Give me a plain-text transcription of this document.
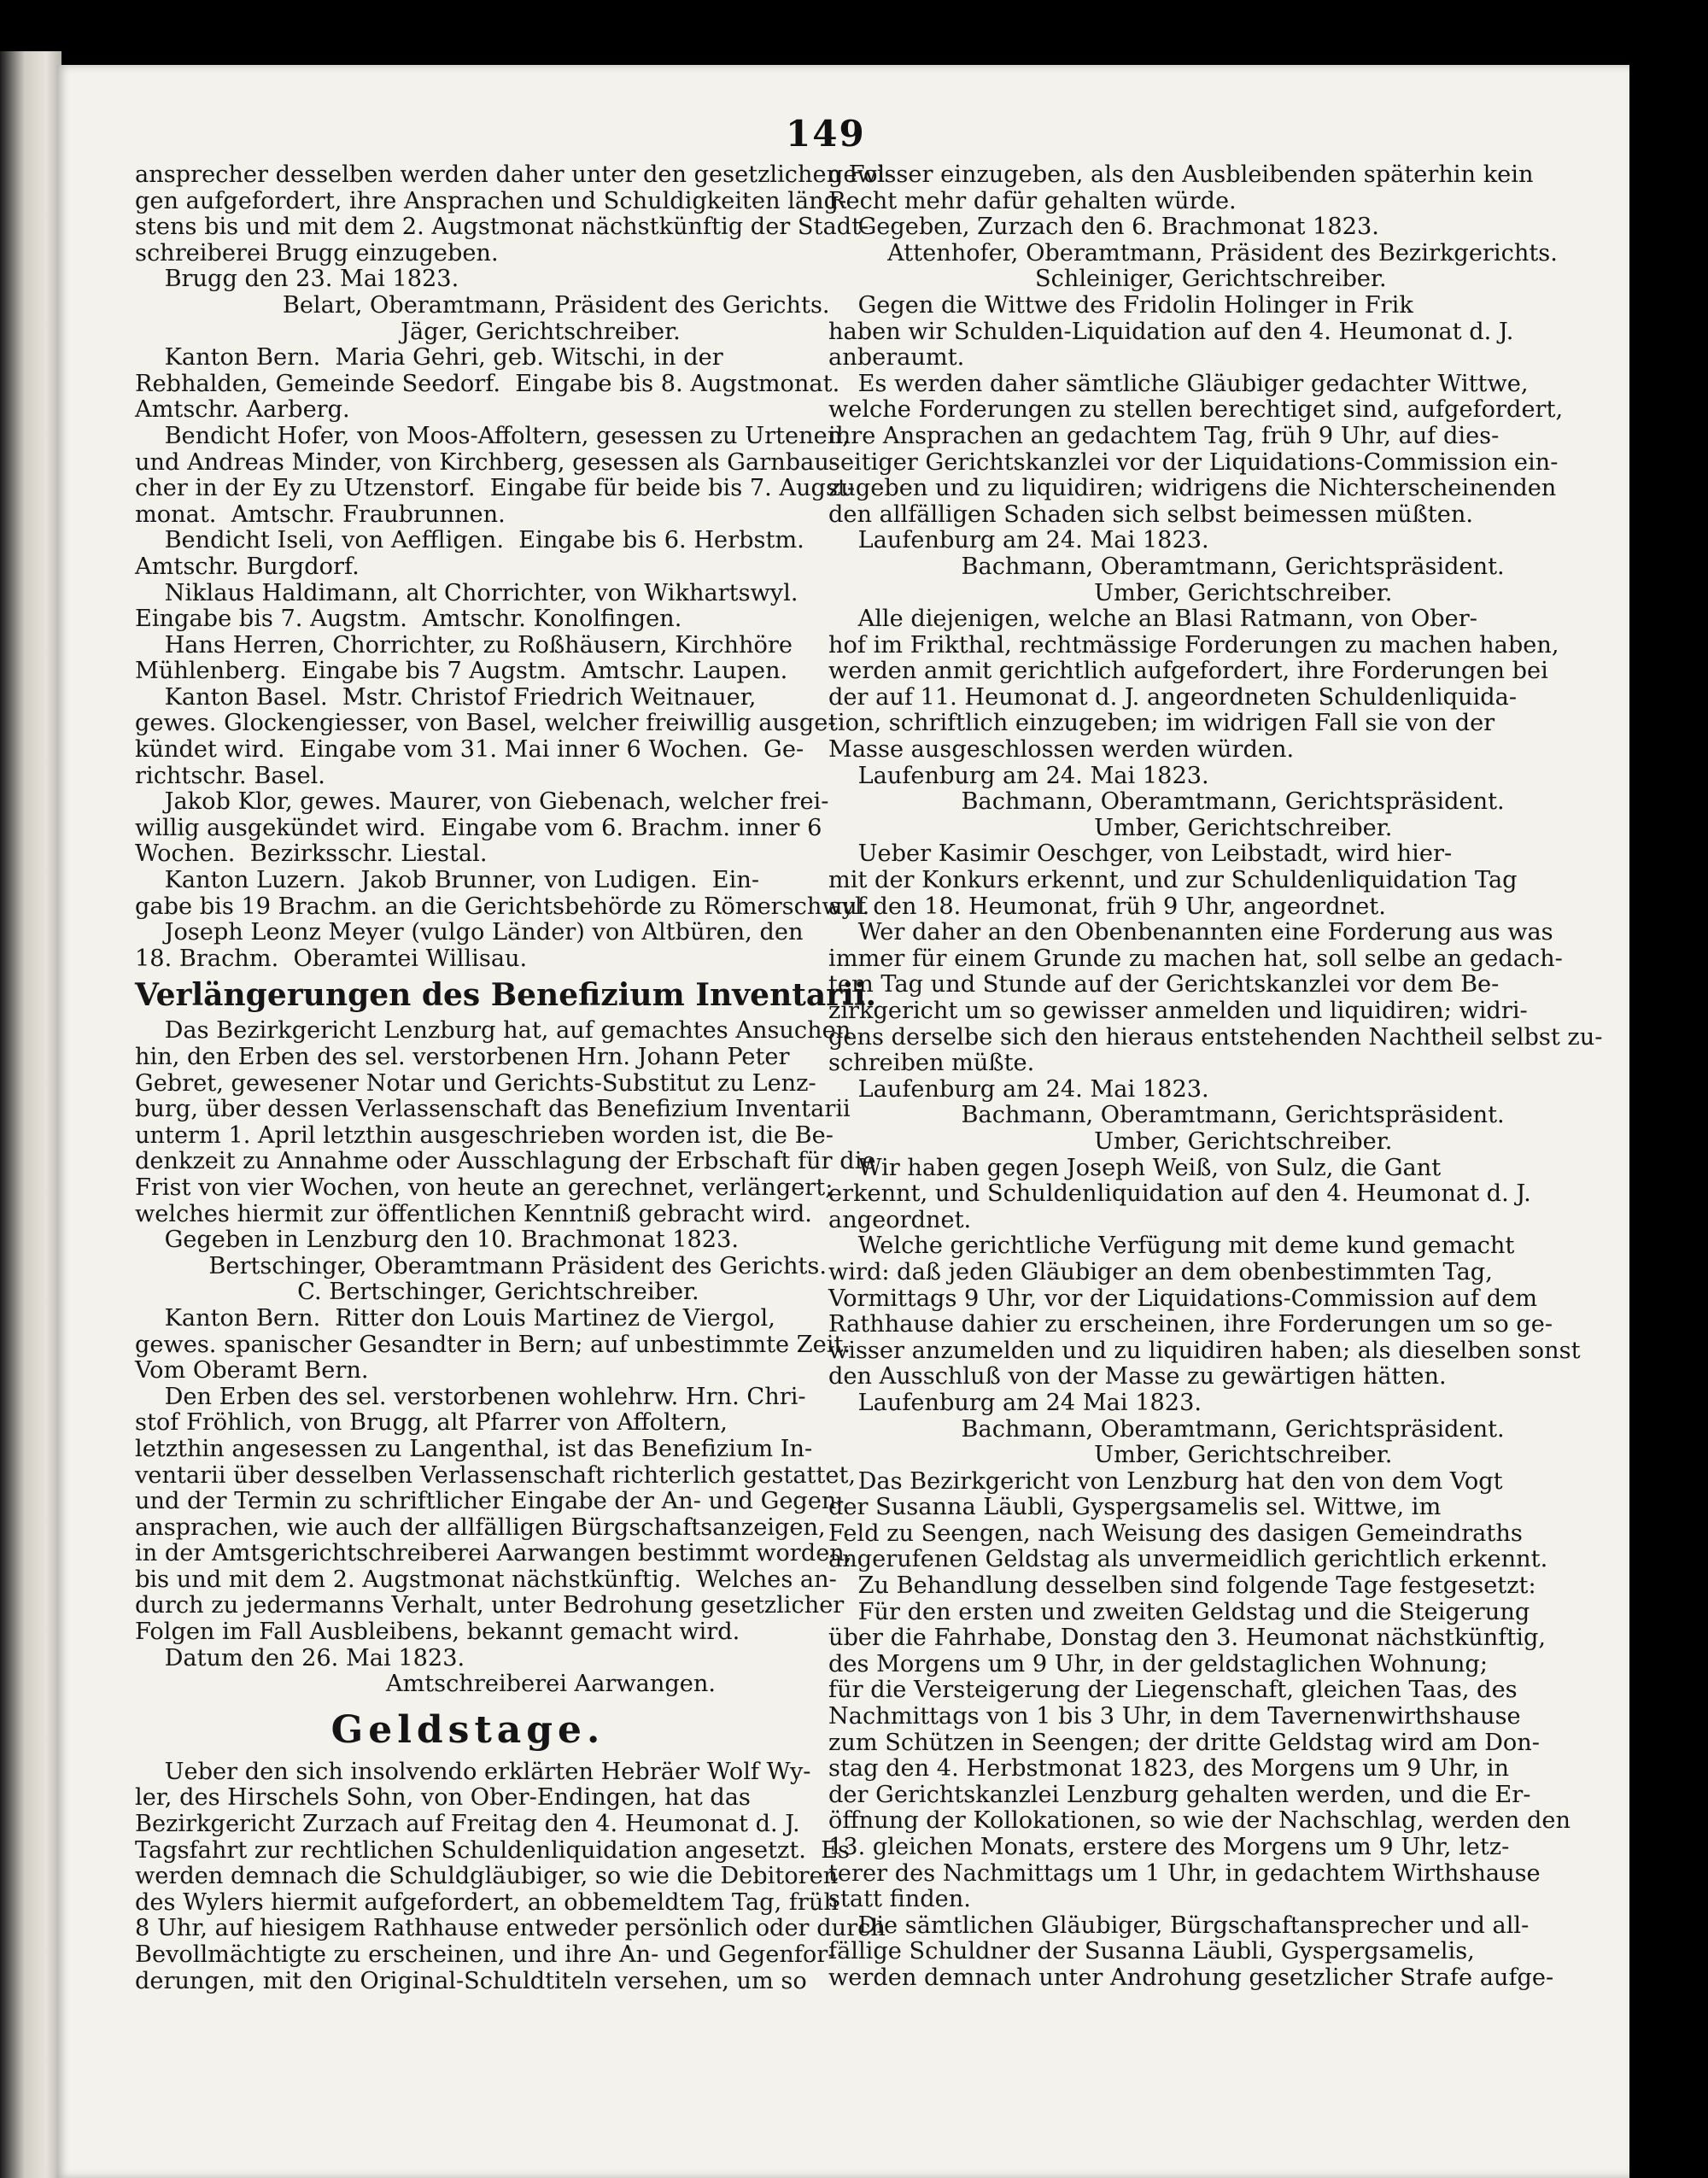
149
ansprecher desselben werden daher unter den gesetzlichen Fol-
gen aufgefordert, ihre Ansprachen und Schuldigkeiten läng-
stens bis und mit dem 2. Augstmonat nächstkünftig der Stadt-
schreiberei Brugg einzugeben.
Brugg den 23. Mai 1823.
Belart, Oberamtmann, Präsident des Gerichts.
Jäger, Gerichtschreiber.
Kanton Bern.  Maria Gehri, geb. Witschi, in der
Rebhalden, Gemeinde Seedorf.  Eingabe bis 8. Augstmonat.
Amtschr. Aarberg.
Bendicht Hofer, von Moos-Affoltern, gesessen zu Urtenen,
und Andreas Minder, von Kirchberg, gesessen als Garnbau-
cher in der Ey zu Utzenstorf.  Eingabe für beide bis 7. Augst-
monat.  Amtschr. Fraubrunnen.
Bendicht Iseli, von Aeffligen.  Eingabe bis 6. Herbstm.
Amtschr. Burgdorf.
Niklaus Haldimann, alt Chorrichter, von Wikhartswyl.
Eingabe bis 7. Augstm.  Amtschr. Konolfingen.
Hans Herren, Chorrichter, zu Roßhäusern, Kirchhöre
Mühlenberg.  Eingabe bis 7 Augstm.  Amtschr. Laupen.
Kanton Basel.  Mstr. Christof Friedrich Weitnauer,
gewes. Glockengiesser, von Basel, welcher freiwillig ausge-
kündet wird.  Eingabe vom 31. Mai inner 6 Wochen.  Ge-
richtschr. Basel.
Jakob Klor, gewes. Maurer, von Giebenach, welcher frei-
willig ausgekündet wird.  Eingabe vom 6. Brachm. inner 6
Wochen.  Bezirksschr. Liestal.
Kanton Luzern.  Jakob Brunner, von Ludigen.  Ein-
gabe bis 19 Brachm. an die Gerichtsbehörde zu Römerschwyl.
Joseph Leonz Meyer (vulgo Länder) von Altbüren, den
18. Brachm.  Oberamtei Willisau.
Verlängerungen des Benefizium Inventarii.
Das Bezirkgericht Lenzburg hat, auf gemachtes Ansuchen
hin, den Erben des sel. verstorbenen Hrn. Johann Peter
Gebret, gewesener Notar und Gerichts-Substitut zu Lenz-
burg, über dessen Verlassenschaft das Benefizium Inventarii
unterm 1. April letzthin ausgeschrieben worden ist, die Be-
denkzeit zu Annahme oder Ausschlagung der Erbschaft für die
Frist von vier Wochen, von heute an gerechnet, verlängert;
welches hiermit zur öffentlichen Kenntniß gebracht wird.
Gegeben in Lenzburg den 10. Brachmonat 1823.
Bertschinger, Oberamtmann Präsident des Gerichts.
C. Bertschinger, Gerichtschreiber.
Kanton Bern.  Ritter don Louis Martinez de Viergol,
gewes. spanischer Gesandter in Bern; auf unbestimmte Zeit.
Vom Oberamt Bern.
Den Erben des sel. verstorbenen wohlehrw. Hrn. Chri-
stof Fröhlich, von Brugg, alt Pfarrer von Affoltern,
letzthin angesessen zu Langenthal, ist das Benefizium In-
ventarii über desselben Verlassenschaft richterlich gestattet,
und der Termin zu schriftlicher Eingabe der An- und Gegen-
ansprachen, wie auch der allfälligen Bürgschaftsanzeigen,
in der Amtsgerichtschreiberei Aarwangen bestimmt worden,
bis und mit dem 2. Augstmonat nächstkünftig.  Welches an-
durch zu jedermanns Verhalt, unter Bedrohung gesetzlicher
Folgen im Fall Ausbleibens, bekannt gemacht wird.
Datum den 26. Mai 1823.
Amtschreiberei Aarwangen.
Geldstage.
Ueber den sich insolvendo erklärten Hebräer Wolf Wy-
ler, des Hirschels Sohn, von Ober-Endingen, hat das
Bezirkgericht Zurzach auf Freitag den 4. Heumonat d. J.
Tagsfahrt zur rechtlichen Schuldenliquidation angesetzt.  Es
werden demnach die Schuldgläubiger, so wie die Debitoren
des Wylers hiermit aufgefordert, an obbemeldtem Tag, früh
8 Uhr, auf hiesigem Rathhause entweder persönlich oder durch
Bevollmächtigte zu erscheinen, und ihre An- und Gegenfor-
derungen, mit den Original-Schuldtiteln versehen, um so
gewisser einzugeben, als den Ausbleibenden späterhin kein
Recht mehr dafür gehalten würde.
Gegeben, Zurzach den 6. Brachmonat 1823.
Attenhofer, Oberamtmann, Präsident des Bezirkgerichts.
Schleiniger, Gerichtschreiber.
Gegen die Wittwe des Fridolin Holinger in Frik
haben wir Schulden-Liquidation auf den 4. Heumonat d. J.
anberaumt.
Es werden daher sämtliche Gläubiger gedachter Wittwe,
welche Forderungen zu stellen berechtiget sind, aufgefordert,
ihre Ansprachen an gedachtem Tag, früh 9 Uhr, auf dies-
seitiger Gerichtskanzlei vor der Liquidations-Commission ein-
zugeben und zu liquidiren; widrigens die Nichterscheinenden
den allfälligen Schaden sich selbst beimessen müßten.
Laufenburg am 24. Mai 1823.
Bachmann, Oberamtmann, Gerichtspräsident.
Umber, Gerichtschreiber.
Alle diejenigen, welche an Blasi Ratmann, von Ober-
hof im Frikthal, rechtmässige Forderungen zu machen haben,
werden anmit gerichtlich aufgefordert, ihre Forderungen bei
der auf 11. Heumonat d. J. angeordneten Schuldenliquida-
tion, schriftlich einzugeben; im widrigen Fall sie von der
Masse ausgeschlossen werden würden.
Laufenburg am 24. Mai 1823.
Bachmann, Oberamtmann, Gerichtspräsident.
Umber, Gerichtschreiber.
Ueber Kasimir Oeschger, von Leibstadt, wird hier-
mit der Konkurs erkennt, und zur Schuldenliquidation Tag
auf den 18. Heumonat, früh 9 Uhr, angeordnet.
Wer daher an den Obenbenannten eine Forderung aus was
immer für einem Grunde zu machen hat, soll selbe an gedach-
tem Tag und Stunde auf der Gerichtskanzlei vor dem Be-
zirkgericht um so gewisser anmelden und liquidiren; widri-
gens derselbe sich den hieraus entstehenden Nachtheil selbst zu-
schreiben müßte.
Laufenburg am 24. Mai 1823.
Bachmann, Oberamtmann, Gerichtspräsident.
Umber, Gerichtschreiber.
Wir haben gegen Joseph Weiß, von Sulz, die Gant
erkennt, und Schuldenliquidation auf den 4. Heumonat d. J.
angeordnet.
Welche gerichtliche Verfügung mit deme kund gemacht
wird: daß jeden Gläubiger an dem obenbestimmten Tag,
Vormittags 9 Uhr, vor der Liquidations-Commission auf dem
Rathhause dahier zu erscheinen, ihre Forderungen um so ge-
wisser anzumelden und zu liquidiren haben; als dieselben sonst
den Ausschluß von der Masse zu gewärtigen hätten.
Laufenburg am 24 Mai 1823.
Bachmann, Oberamtmann, Gerichtspräsident.
Umber, Gerichtschreiber.
Das Bezirkgericht von Lenzburg hat den von dem Vogt
der Susanna Läubli, Gyspergsamelis sel. Wittwe, im
Feld zu Seengen, nach Weisung des dasigen Gemeindraths
angerufenen Geldstag als unvermeidlich gerichtlich erkennt.
Zu Behandlung desselben sind folgende Tage festgesetzt:
Für den ersten und zweiten Geldstag und die Steigerung
über die Fahrhabe, Donstag den 3. Heumonat nächstkünftig,
des Morgens um 9 Uhr, in der geldstaglichen Wohnung;
für die Versteigerung der Liegenschaft, gleichen Taas, des
Nachmittags von 1 bis 3 Uhr, in dem Tavernenwirthshause
zum Schützen in Seengen; der dritte Geldstag wird am Don-
stag den 4. Herbstmonat 1823, des Morgens um 9 Uhr, in
der Gerichtskanzlei Lenzburg gehalten werden, und die Er-
öffnung der Kollokationen, so wie der Nachschlag, werden den
13. gleichen Monats, erstere des Morgens um 9 Uhr, letz-
terer des Nachmittags um 1 Uhr, in gedachtem Wirthshause
statt finden.
Die sämtlichen Gläubiger, Bürgschaftansprecher und all-
fällige Schuldner der Susanna Läubli, Gyspergsamelis,
werden demnach unter Androhung gesetzlicher Strafe aufge-
